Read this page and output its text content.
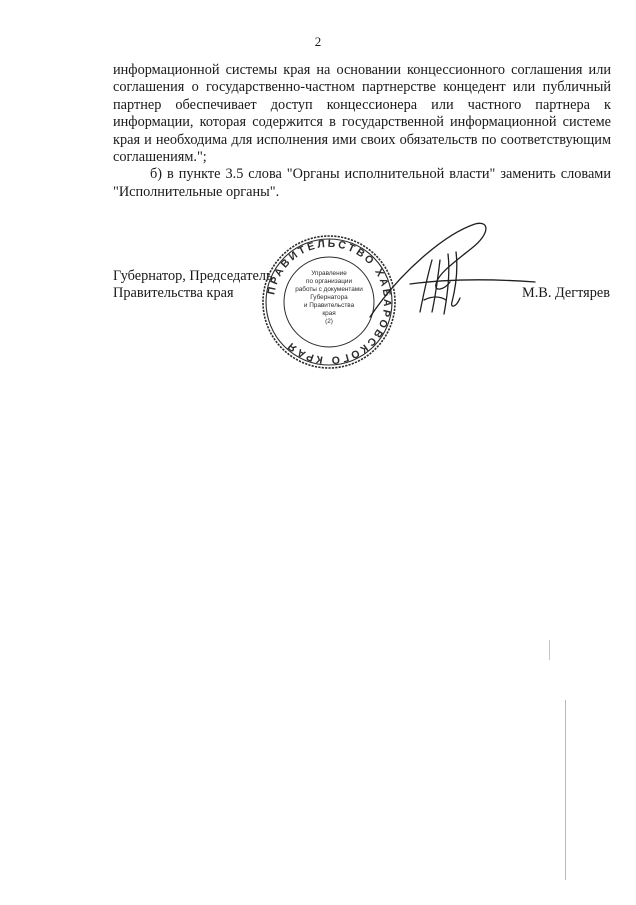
2

информационной системы края на основании концессионного соглашения или соглашения о государственно-частном партнерстве концедент или публичный партнер обеспечивает доступ концессионера или частного партнера к информации, которая содержится в государственной информационной системе края и необходима для исполнения ими своих обязательств по соответствующим соглашениям.";

б) в пункте 3.5 слова "Органы исполнительной власти" заменить словами "Исполнительные органы".

Губернатор, Председатель
Правительства края	ПРАВИТЕЛЬСТВО ХАБАРОВСКОГО КРАЯ
Управление
по организации
работы с документами
Губернатора
и Правительства
края
(2)
М.В. Дегтярев
